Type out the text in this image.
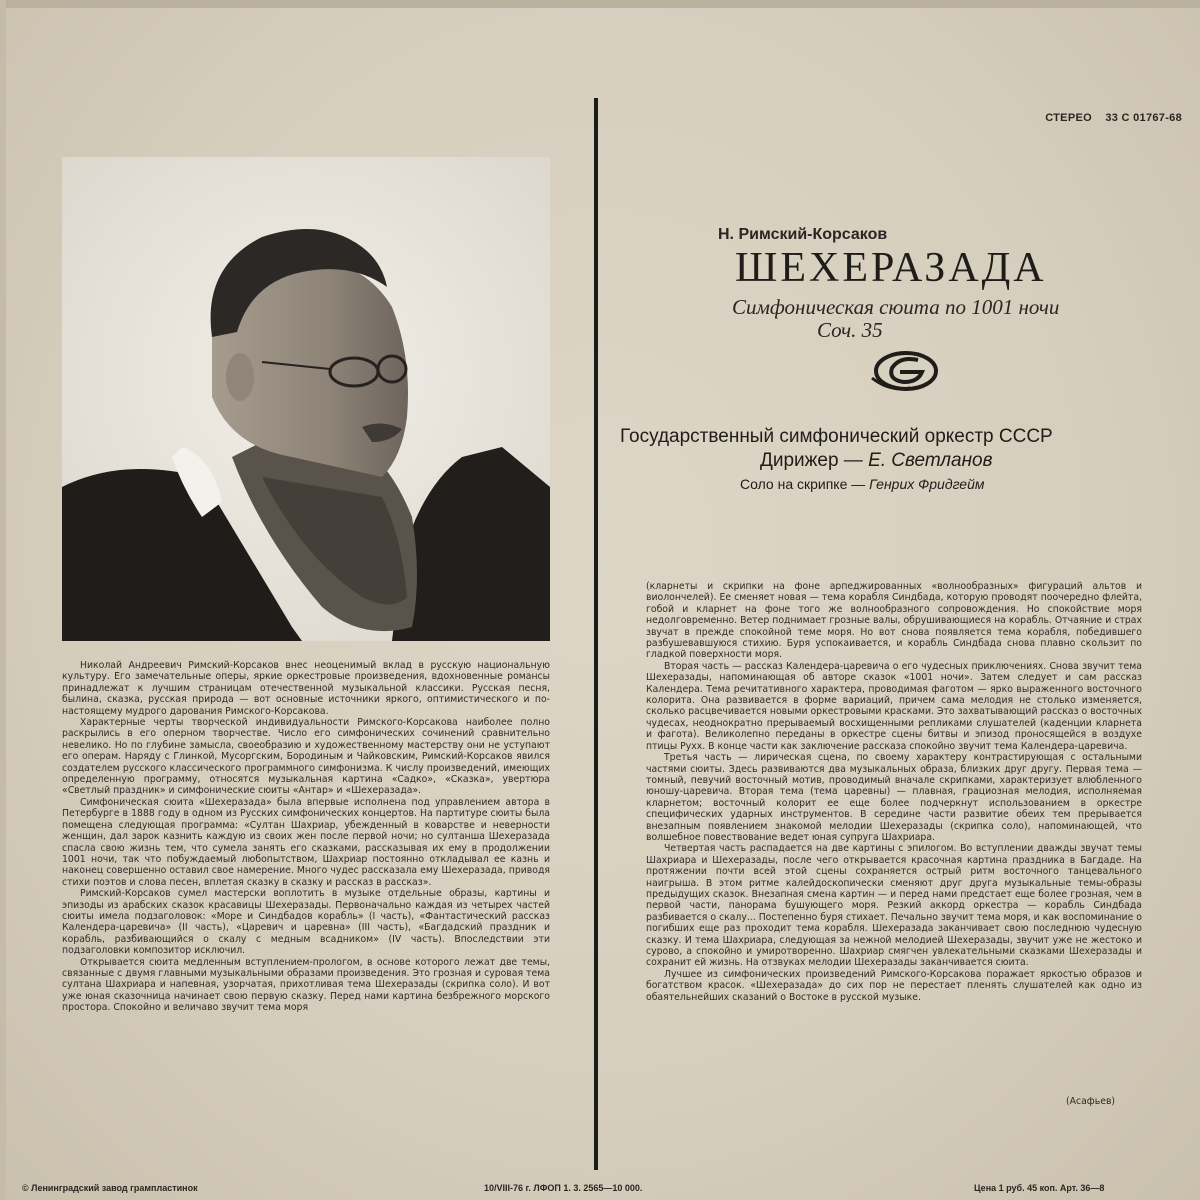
Николай Андреевич Римский-Корсаков внес неоценимый вклад в русскую национальную культуру. Его замечательные оперы, яркие оркестровые произведения, вдохновенные романсы принадлежат к лучшим страницам отечественной музыкальной классики. Русская песня, былина, сказка, русская природа — вот основные источники яркого, оптимистического и по-настоящему мудрого дарования Римского-Корсакова.

Характерные черты творческой индивидуальности Римского-Корсакова наиболее полно раскрылись в его оперном творчестве. Число его симфонических сочинений сравнительно невелико. Но по глубине замысла, своеобразию и художественному мастерству они не уступают его операм. Наряду с Глинкой, Мусоргским, Бородиным и Чайковским, Римский-Корсаков явился создателем русского классического программного симфонизма. К числу произведений, имеющих определенную программу, относятся музыкальная картина «Садко», «Сказка», увертюра «Светлый праздник» и симфонические сюиты «Антар» и «Шехеразада».

Симфоническая сюита «Шехеразада» была впервые исполнена под управлением автора в Петербурге в 1888 году в одном из Русских симфонических концертов. На партитуре сюиты была помещена следующая программа: «Султан Шахриар, убежденный в коварстве и неверности женщин, дал зарок казнить каждую из своих жен после первой ночи; но султанша Шехеразада спасла свою жизнь тем, что сумела занять его сказками, рассказывая их ему в продолжении 1001 ночи, так что побуждаемый любопытством, Шахриар постоянно откладывал ее казнь и наконец совершенно оставил свое намерение. Много чудес рассказала ему Шехеразада, приводя стихи поэтов и слова песен, вплетая сказку в сказку и рассказ в рассказ».

Римский-Корсаков сумел мастерски воплотить в музыке отдельные образы, картины и эпизоды из арабских сказок красавицы Шехеразады. Первоначально каждая из четырех частей сюиты имела подзаголовок: «Море и Синдбадов корабль» (I часть), «Фантастический рассказ Календера-царевича» (II часть), «Царевич и царевна» (III часть), «Багдадский праздник и корабль, разбивающийся о скалу с медным всадником» (IV часть). Впоследствии эти подзаголовки композитор исключил.

Открывается сюита медленным вступлением-прологом, в основе которого лежат две темы, связанные с двумя главными музыкальными образами произведения. Это грозная и суровая тема султана Шахриара и напевная, узорчатая, прихотливая тема Шехеразады (скрипка соло). И вот уже юная сказочница начинает свою первую сказку. Перед нами картина безбрежного морского простора. Спокойно и величаво звучит тема моря

СТЕРЕО 33 С 01767-68
Н. Римский-Корсаков
ШЕХЕРАЗАДА
Симфоническая сюита по 1001 ночи
Соч. 35
Государственный симфонический оркестр СССР
Дирижер — Е. Светланов
Соло на скрипке — Генрих Фридгейм

(кларнеты и скрипки на фоне арпеджированных «волнообразных» фигураций альтов и виолончелей). Ее сменяет новая — тема корабля Синдбада, которую проводят поочередно флейта, гобой и кларнет на фоне того же волнообразного сопровождения. Но спокойствие моря недолговременно. Ветер поднимает грозные валы, обрушивающиеся на корабль. Отчаяние и страх звучат в прежде спокойной теме моря. Но вот снова появляется тема корабля, победившего разбушевавшуюся стихию. Буря успокаивается, и корабль Синдбада снова плавно скользит по гладкой поверхности моря.

Вторая часть — рассказ Календера-царевича о его чудесных приключениях. Снова звучит тема Шехеразады, напоминающая об авторе сказок «1001 ночи». Затем следует и сам рассказ Календера. Тема речитативного характера, проводимая фаготом — ярко выраженного восточного колорита. Она развивается в форме вариаций, причем сама мелодия не столько изменяется, сколько расцвечивается новыми оркестровыми красками. Это захватывающий рассказ о восточных чудесах, неоднократно прерываемый восхищенными репликами слушателей (каденции кларнета и фагота). Великолепно переданы в оркестре сцены битвы и эпизод проносящейся в воздухе птицы Рухх. В конце части как заключение рассказа спокойно звучит тема Календера-царевича.

Третья часть — лирическая сцена, по своему характеру контрастирующая с остальными частями сюиты. Здесь развиваются два музыкальных образа, близких друг другу. Первая тема — томный, певучий восточный мотив, проводимый вначале скрипками, характеризует влюбленного юношу-царевича. Вторая тема (тема царевны) — плавная, грациозная мелодия, исполняемая кларнетом; восточный колорит ее еще более подчеркнут использованием в оркестре специфических ударных инструментов. В середине части развитие обеих тем прерывается внезапным появлением знакомой мелодии Шехеразады (скрипка соло), напоминающей, что волшебное повествование ведет юная супруга Шахриара.

Четвертая часть распадается на две картины с эпилогом. Во вступлении дважды звучат темы Шахриара и Шехеразады, после чего открывается красочная картина праздника в Багдаде. На протяжении почти всей этой сцены сохраняется острый ритм восточного танцевального наигрыша. В этом ритме калейдоскопически сменяют друг друга музыкальные темы-образы предыдущих сказок. Внезапная смена картин — и перед нами предстает еще более грозная, чем в первой части, панорама бушующего моря. Резкий аккорд оркестра — корабль Синдбада разбивается о скалу... Постепенно буря стихает. Печально звучит тема моря, и как воспоминание о погибших еще раз проходит тема корабля. Шехеразада заканчивает свою последнюю чудесную сказку. И тема Шахриара, следующая за нежной мелодией Шехеразады, звучит уже не жестоко и сурово, а спокойно и умиротворенно. Шахриар смягчен увлекательными сказками Шехеразады и сохранит ей жизнь. На отзвуках мелодии Шехеразады заканчивается сюита.

Лучшее из симфонических произведений Римского-Корсакова поражает яркостью образов и богатством красок. «Шехеразада» до сих пор не перестает пленять слушателей как одно из обаятельнейших сказаний о Востоке в русской музыке.

(Асафьев)
© Ленинградский завод грампластинок	10/VIII-76 г. ЛФОП 1. 3. 2565—10 000.	Цена 1 руб. 45 коп. Арт. 36—8
